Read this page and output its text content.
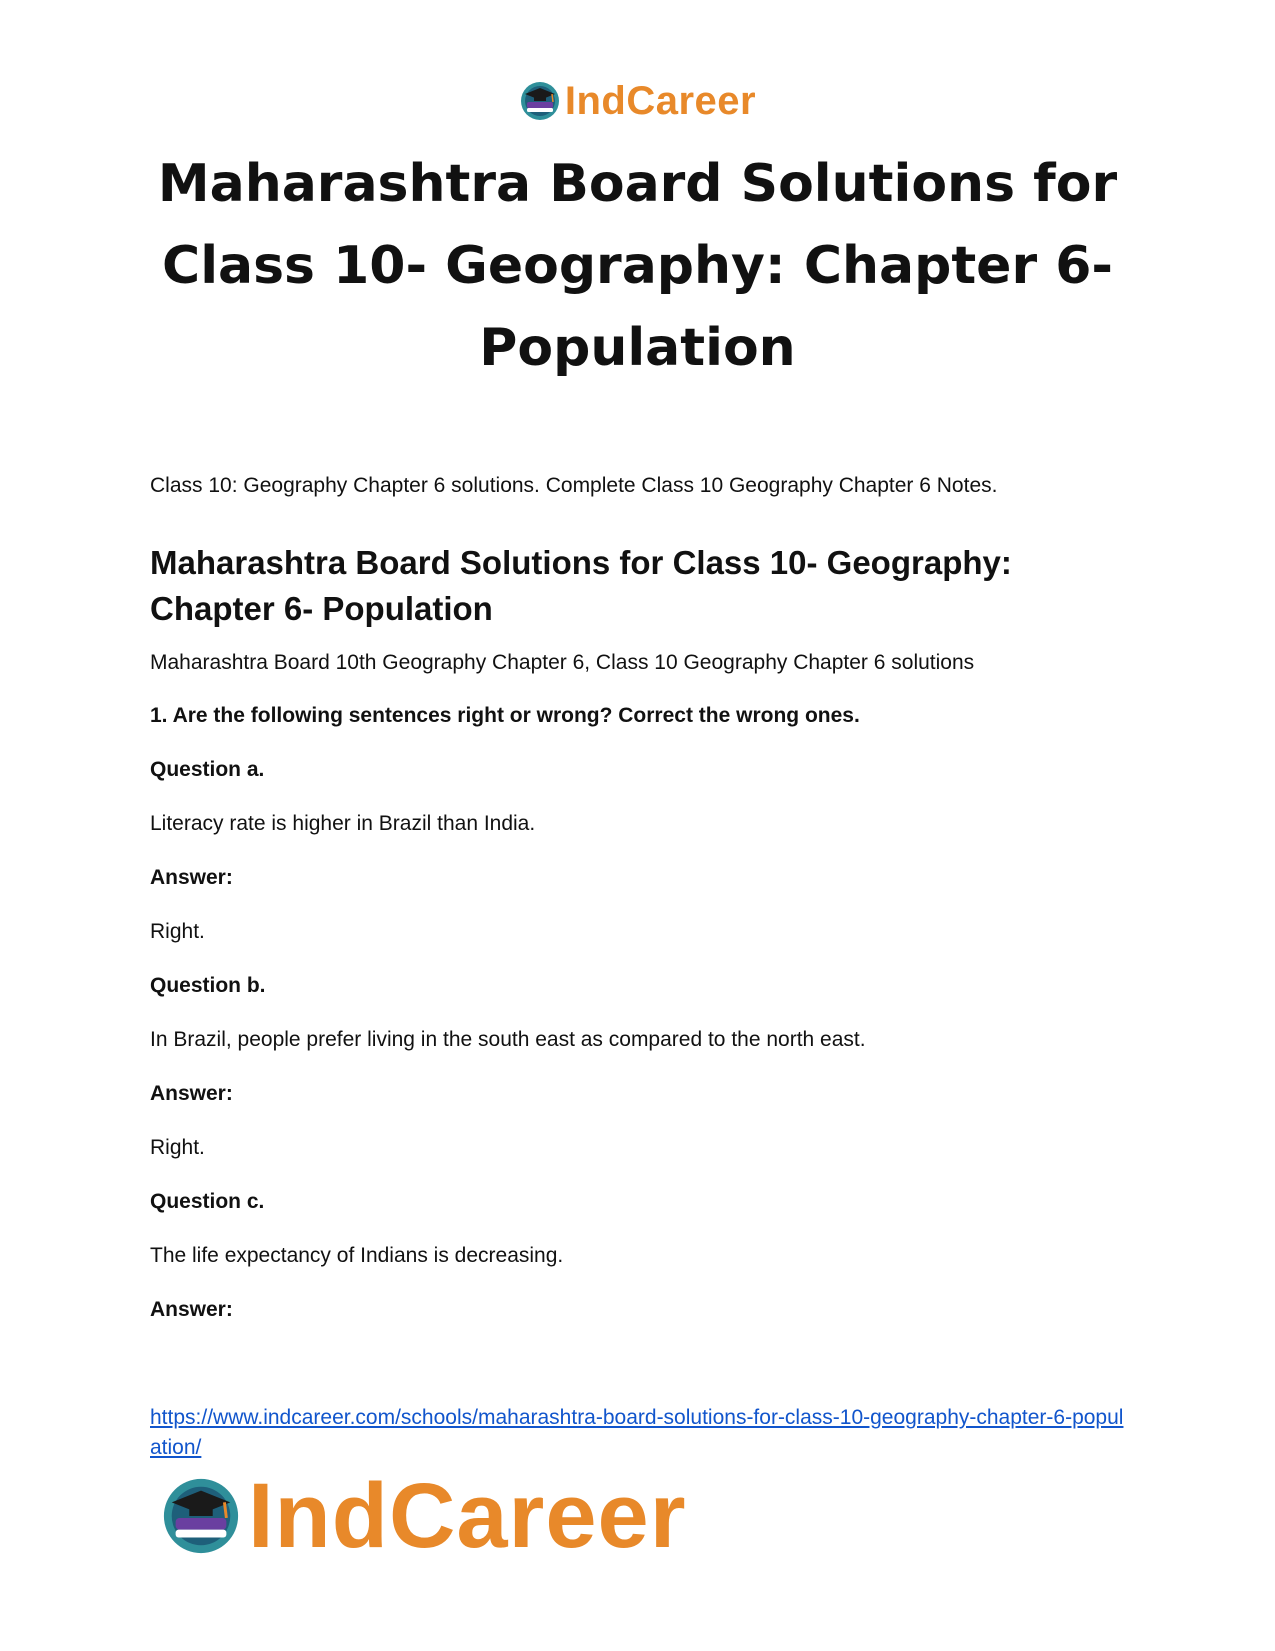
IndCareer
Maharashtra Board Solutions for Class 10- Geography: Chapter 6- Population

Class 10: Geography Chapter 6 solutions. Complete Class 10 Geography Chapter 6 Notes.

Maharashtra Board Solutions for Class 10- Geography: Chapter 6- Population

Maharashtra Board 10th Geography Chapter 6, Class 10 Geography Chapter 6 solutions

1. Are the following sentences right or wrong? Correct the wrong ones.

Question a.

Literacy rate is higher in Brazil than India.

Answer:

Right.

Question b.

In Brazil, people prefer living in the south east as compared to the north east.

Answer:

Right.

Question c.

The life expectancy of Indians is decreasing.

Answer:

https://www.indcareer.com/schools/maharashtra-board-solutions-for-class-10-geography-chapter-6-population/
IndCareer
